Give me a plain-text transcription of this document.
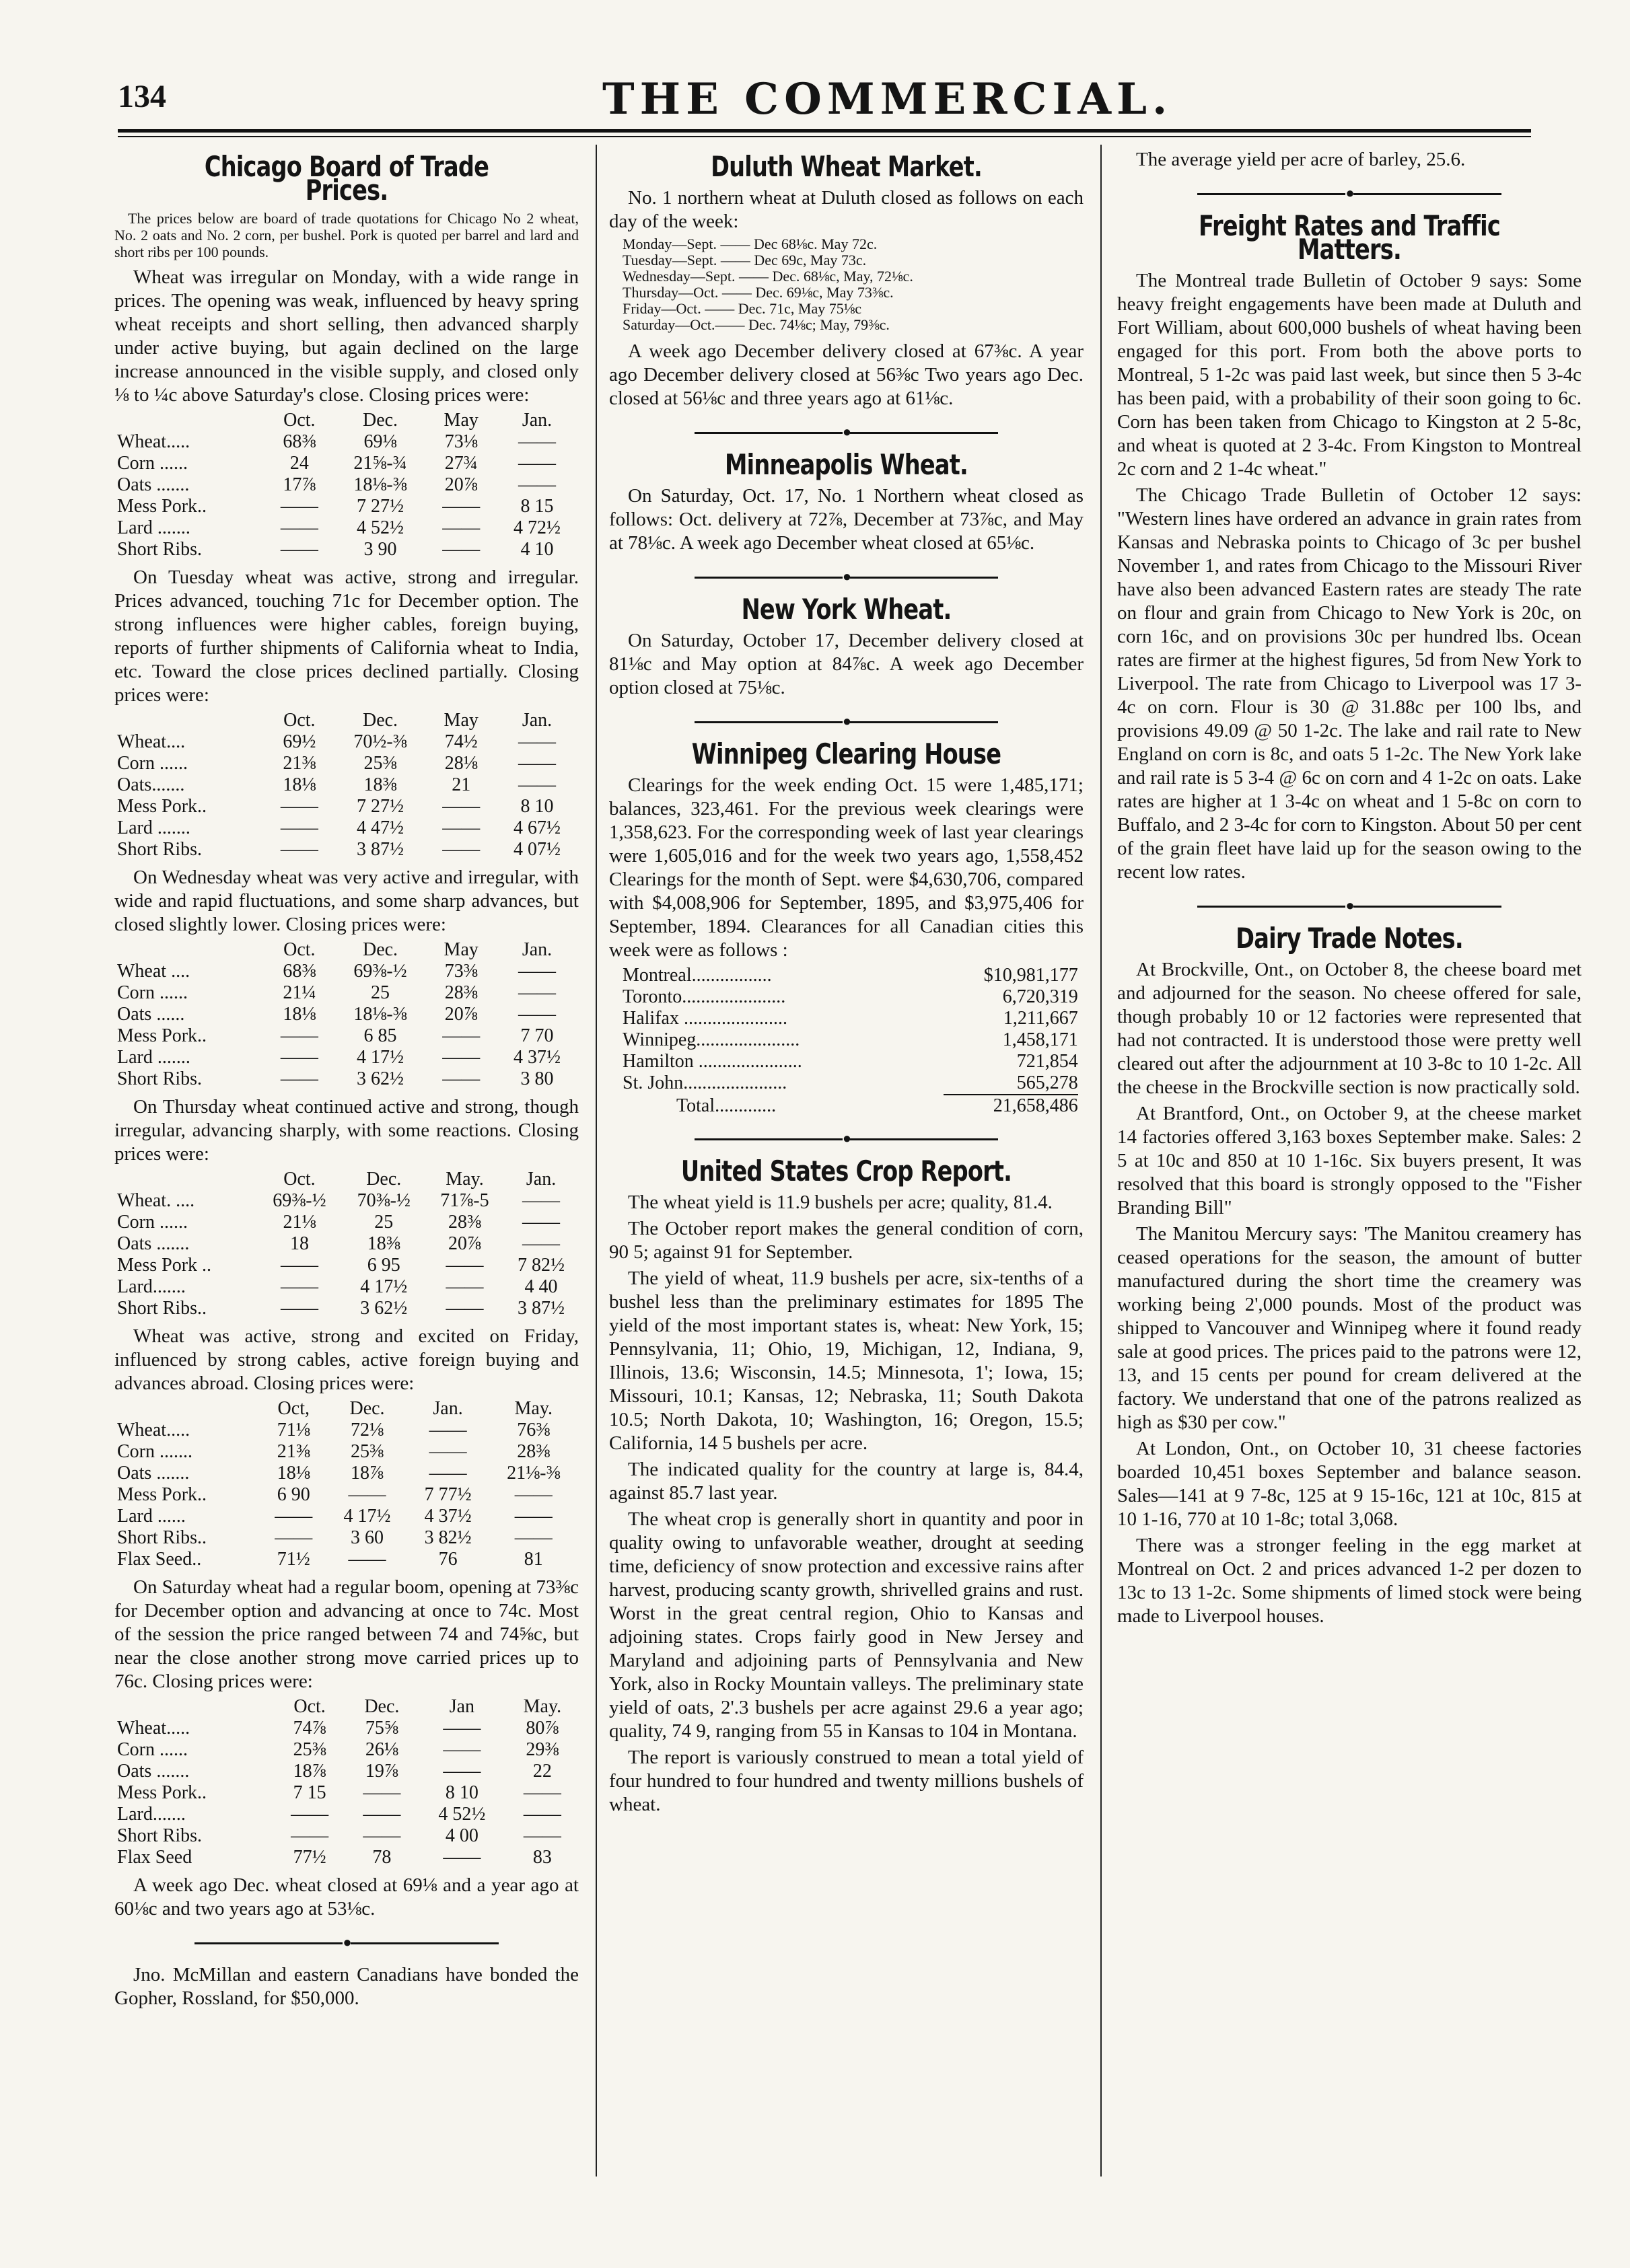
134	THE COMMERCIAL.
Chicago Board of Trade Prices.

The prices below are board of trade quotations for Chicago No 2 wheat, No. 2 oats and No. 2 corn, per bushel. Pork is quoted per barrel and lard and short ribs per 100 pounds.

Wheat was irregular on Monday, with a wide range in prices. The opening was weak, influenced by heavy spring wheat receipts and short selling, then advanced sharply under active buying, but again declined on the large increase announced in the visible supply, and closed only ⅛ to ¼c above Saturday's close. Closing prices were:

	Oct.	Dec.	May	Jan.
Wheat.....	68⅜	69⅛	73⅛	——
Corn ......	24	21⅝-¾	27¾	——
Oats .......	17⅞	18⅛-⅜	20⅞	——
Mess Pork..	——	7 27½	——	8 15
Lard .......	——	4 52½	——	4 72½
Short Ribs.	——	3 90	——	4 10

On Tuesday wheat was active, strong and irregular. Prices advanced, touching 71c for December option. The strong influences were higher cables, foreign buying, reports of further shipments of California wheat to India, etc. Toward the close prices declined partially. Closing prices were:

	Oct.	Dec.	May	Jan.
Wheat....	69½	70½-⅜	74½	——
Corn ......	21⅜	25⅜	28⅛	——
Oats.......	18⅛	18⅜	21	——
Mess Pork..	——	7 27½	——	8 10
Lard .......	——	4 47½	——	4 67½
Short Ribs.	——	3 87½	——	4 07½

On Wednesday wheat was very active and irregular, with wide and rapid fluctuations, and some sharp advances, but closed slightly lower. Closing prices were:

	Oct.	Dec.	May	Jan.
Wheat ....	68⅜	69⅜-½	73⅜	——
Corn ......	21¼	25	28⅜	——
Oats ......	18⅛	18⅛-⅜	20⅞	——
Mess Pork..	——	6 85	——	7 70
Lard .......	——	4 17½	——	4 37½
Short Ribs.	——	3 62½	——	3 80

On Thursday wheat continued active and strong, though irregular, advancing sharply, with some reactions. Closing prices were:

	Oct.	Dec.	May.	Jan.
Wheat. ....	69⅜-½	70⅜-½	71⅞-5	——
Corn ......	21⅛	25	28⅜	——
Oats .......	18	18⅜	20⅞	——
Mess Pork ..	——	6 95	——	7 82½
Lard.......	——	4 17½	——	4 40
Short Ribs..	——	3 62½	——	3 87½

Wheat was active, strong and excited on Friday, influenced by strong cables, active foreign buying and advances abroad. Closing prices were:

	Oct,	Dec.	Jan.	May.
Wheat.....	71⅛	72⅛	——	76⅜
Corn .......	21⅜	25⅜	——	28⅜
Oats .......	18⅛	18⅞	——	21⅛-⅜
Mess Pork..	6 90	——	7 77½	——
Lard ......	——	4 17½	4 37½	——
Short Ribs..	——	3 60	3 82½	——
Flax Seed..	71½	——	76	81

On Saturday wheat had a regular boom, opening at 73⅜c for December option and advancing at once to 74c. Most of the session the price ranged between 74 and 74⅝c, but near the close another strong move carried prices up to 76c. Closing prices were:

	Oct.	Dec.	Jan	May.
Wheat.....	74⅞	75⅝	——	80⅞
Corn ......	25⅜	26⅛	——	29⅜
Oats .......	18⅞	19⅞	——	22
Mess Pork..	7 15	——	8 10	——
Lard.......	——	——	4 52½	——
Short Ribs.	——	——	4 00	——
Flax Seed	77½	78	——	83

A week ago Dec. wheat closed at 69⅛ and a year ago at 60⅛c and two years ago at 53⅛c.

●

Jno. McMillan and eastern Canadians have bonded the Gopher, Rossland, for $50,000.

Duluth Wheat Market.

No. 1 northern wheat at Duluth closed as follows on each day of the week:

Monday—Sept. —— Dec 68⅛c. May 72c.
Tuesday—Sept. —— Dec 69c, May 73c.
Wednesday—Sept. —— Dec. 68⅛c, May, 72⅛c.
Thursday—Oct. —— Dec. 69⅛c, May 73⅜c.
Friday—Oct. —— Dec. 71c, May 75⅛c
Saturday—Oct.—— Dec. 74⅛c; May, 79⅜c.

A week ago December delivery closed at 67⅜c. A year ago December delivery closed at 56⅜c Two years ago Dec. closed at 56⅛c and three years ago at 61⅛c.

●
Minneapolis Wheat.

On Saturday, Oct. 17, No. 1 Northern wheat closed as follows: Oct. delivery at 72⅞, December at 73⅞c, and May at 78⅛c. A week ago December wheat closed at 65⅛c.

●
New York Wheat.

On Saturday, October 17, December delivery closed at 81⅛c and May option at 84⅞c. A week ago December option closed at 75⅛c.

●
Winnipeg Clearing House

Clearings for the week ending Oct. 15 were 1,485,171; balances, 323,461. For the previous week clearings were 1,358,623. For the corresponding week of last year clearings were 1,605,016 and for the week two years ago, 1,558,452 Clearings for the month of Sept. were $4,630,706, compared with $4,008,906 for September, 1895, and $3,975,406 for September, 1894. Clearances for all Canadian cities this week were as follows :

Montreal.................	$10,981,177
Toronto......................	6,720,319
Halifax ......................	1,211,667
Winnipeg......................	1,458,171
Hamilton ......................	721,854
St. John......................	565,278

Total.............	21,658,486
●
United States Crop Report.

The wheat yield is 11.9 bushels per acre; quality, 81.4.

The October report makes the general condition of corn, 90 5; against 91 for September.

The yield of wheat, 11.9 bushels per acre, six-tenths of a bushel less than the preliminary estimates for 1895 The yield of the most important states is, wheat: New York, 15; Pennsylvania, 11; Ohio, 19, Michigan, 12, Indiana, 9, Illinois, 13.6; Wisconsin, 14.5; Minnesota, 1'; Iowa, 15; Missouri, 10.1; Kansas, 12; Nebraska, 11; South Dakota 10.5; North Dakota, 10; Washington, 16; Oregon, 15.5; California, 14 5 bushels per acre.

The indicated quality for the country at large is, 84.4, against 85.7 last year.

The wheat crop is generally short in quantity and poor in quality owing to unfavorable weather, drought at seeding time, deficiency of snow protection and excessive rains after harvest, producing scanty growth, shrivelled grains and rust. Worst in the great central region, Ohio to Kansas and adjoining states. Crops fairly good in New Jersey and Maryland and adjoining parts of Pennsylvania and New York, also in Rocky Mountain valleys. The preliminary state yield of oats, 2'.3 bushels per acre against 29.6 a year ago; quality, 74 9, ranging from 55 in Kansas to 104 in Montana.

The report is variously construed to mean a total yield of four hundred to four hundred and twenty millions bushels of wheat.

The average yield per acre of barley, 25.6.

●
Freight Rates and Traffic Matters.

The Montreal trade Bulletin of October 9 says: Some heavy freight engagements have been made at Duluth and Fort William, about 600,000 bushels of wheat having been engaged for this port. From both the above ports to Montreal, 5 1-2c was paid last week, but since then 5 3-4c has been paid, with a probability of their soon going to 6c. Corn has been taken from Chicago to Kingston at 2 5-8c, and wheat is quoted at 2 3-4c. From Kingston to Montreal 2c corn and 2 1-4c wheat."

The Chicago Trade Bulletin of October 12 says: "Western lines have ordered an advance in grain rates from Kansas and Nebraska points to Chicago of 3c per bushel November 1, and rates from Chicago to the Missouri River have also been advanced Eastern rates are steady The rate on flour and grain from Chicago to New York is 20c, on corn 16c, and on provisions 30c per hundred lbs. Ocean rates are firmer at the highest figures, 5d from New York to Liverpool. The rate from Chicago to Liverpool was 17 3-4c on corn. Flour is 30 @ 31.88c per 100 lbs, and provisions 49.09 @ 50 1-2c. The lake and rail rate to New England on corn is 8c, and oats 5 1-2c. The New York lake and rail rate is 5 3-4 @ 6c on corn and 4 1-2c on oats. Lake rates are higher at 1 3-4c on wheat and 1 5-8c on corn to Buffalo, and 2 3-4c for corn to Kingston. About 50 per cent of the grain fleet have laid up for the season owing to the recent low rates.

●
Dairy Trade Notes.

At Brockville, Ont., on October 8, the cheese board met and adjourned for the season. No cheese offered for sale, though probably 10 or 12 factories were represented that had not contracted. It is understood those were pretty well cleared out after the adjournment at 10 3-8c to 10 1-2c. All the cheese in the Brockville section is now practically sold.

At Brantford, Ont., on October 9, at the cheese market 14 factories offered 3,163 boxes September make. Sales: 2 5 at 10c and 850 at 10 1-16c. Six buyers present, It was resolved that this board is strongly opposed to the "Fisher Branding Bill"

The Manitou Mercury says: 'The Manitou creamery has ceased operations for the season, the amount of butter manufactured during the short time the creamery was working being 2',000 pounds. Most of the product was shipped to Vancouver and Winnipeg where it found ready sale at good prices. The prices paid to the patrons were 12, 13, and 15 cents per pound for cream delivered at the factory. We understand that one of the patrons realized as high as $30 per cow."

At London, Ont., on October 10, 31 cheese factories boarded 10,451 boxes September and balance season. Sales—141 at 9 7-8c, 125 at 9 15-16c, 121 at 10c, 815 at 10 1-16, 770 at 10 1-8c; total 3,068.

There was a stronger feeling in the egg market at Montreal on Oct. 2 and prices advanced 1-2 per dozen to 13c to 13 1-2c. Some shipments of limed stock were being made to Liverpool houses.
